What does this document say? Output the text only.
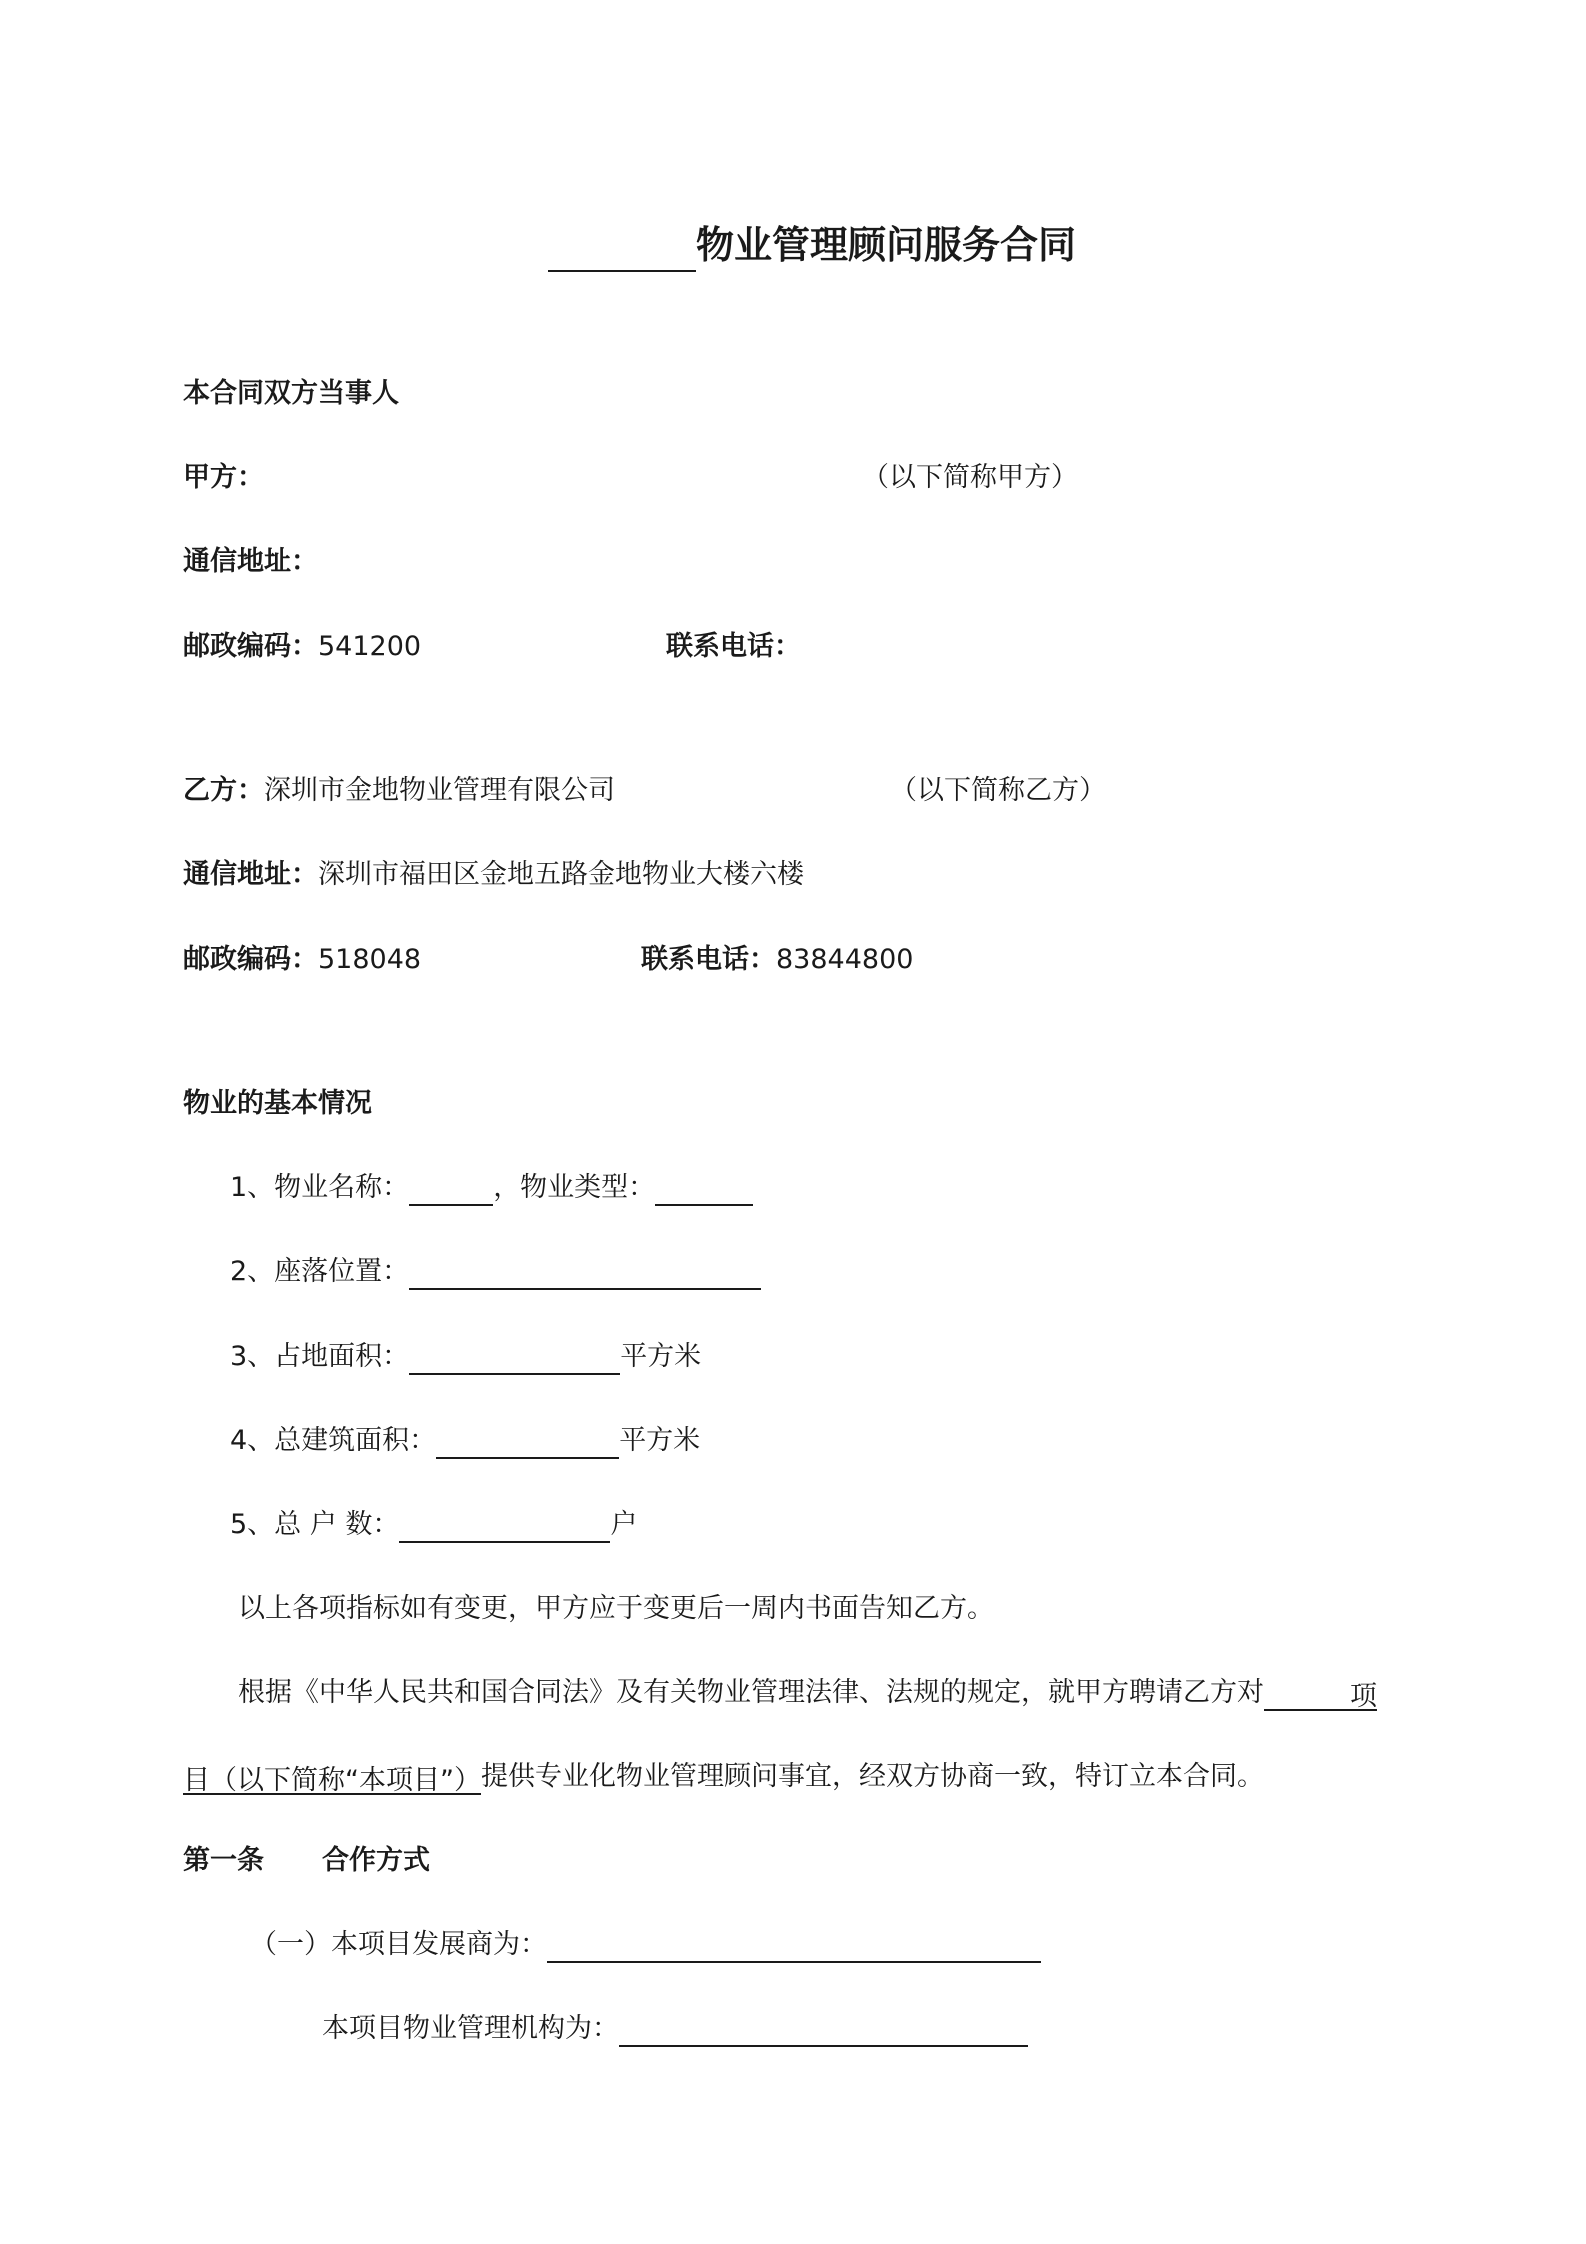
物业管理顾问服务合同
本合同双方当事人
甲方：	（以下简称甲方）
通信地址：
邮政编码：541200	联系电话：
乙方：深圳市金地物业管理有限公司	（以下简称乙方）
通信地址：深圳市福田区金地五路金地物业大楼六楼
邮政编码：518048	联系电话：83844800
物业的基本情况
1、物业名称：	，物业类型：
2、座落位置：
3、占地面积：	平方米
4、总建筑面积：	平方米
5、总 户 数：	户
以上各项指标如有变更，甲方应于变更后一周内书面告知乙方。
根据《中华人民共和国合同法》及有关物业管理法律、法规的规定，就甲方聘请乙方对	项
目（以下简称“本项目”）提供专业化物业管理顾问事宜，经双方协商一致，特订立本合同。
第一条 合作方式
（一）本项目发展商为：
本项目物业管理机构为：
